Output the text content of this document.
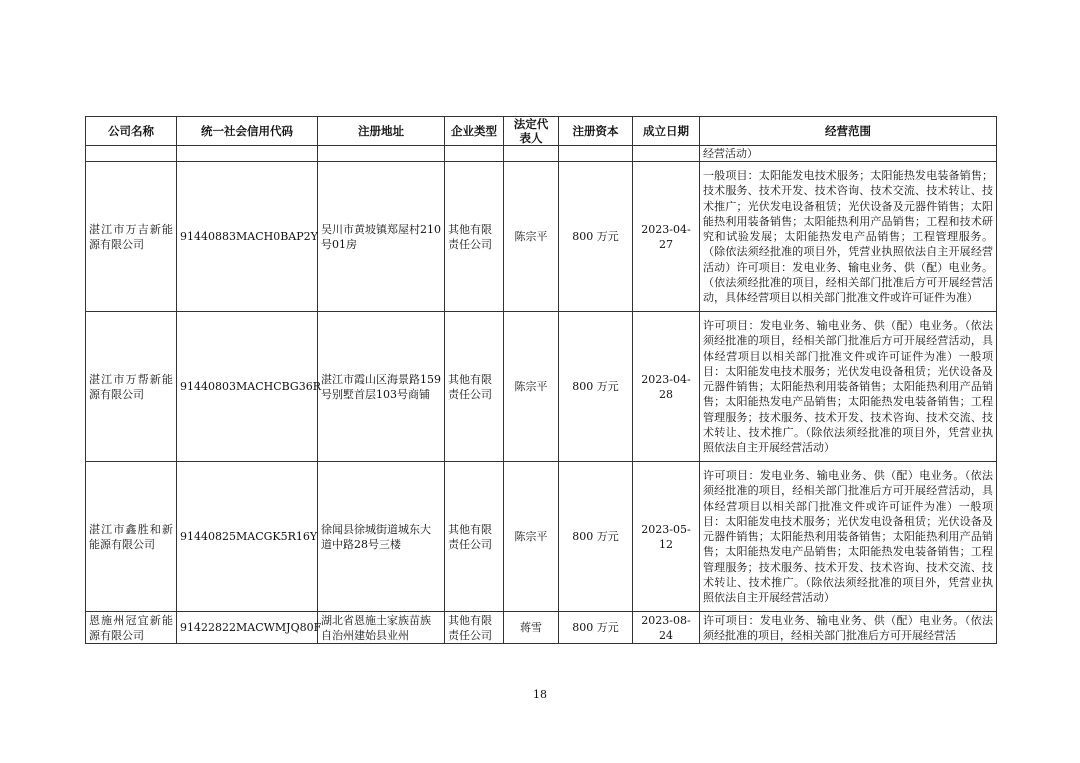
公司名称	统一社会信用代码	注册地址	企业类型	法定代表人	注册资本	成立日期	经营范围
							经营活动）
湛江市万吉新能源有限公司	91440883MACH0BAP2Y	吴川市黄坡镇郑屋村210号01房	其他有限责任公司	陈宗平	800 万元	2023-04-27	一般项目：太阳能发电技术服务；太阳能热发电装备销售；技术服务、技术开发、技术咨询、技术交流、技术转让、技术推广；光伏发电设备租赁；光伏设备及元器件销售；太阳能热利用装备销售；太阳能热利用产品销售；工程和技术研究和试验发展；太阳能热发电产品销售；工程管理服务。（除依法须经批准的项目外，凭营业执照依法自主开展经营活动）许可项目：发电业务、输电业务、供（配）电业务。（依法须经批准的项目，经相关部门批准后方可开展经营活动，具体经营项目以相关部门批准文件或许可证件为准）
湛江市万帮新能源有限公司	91440803MACHCBG36R	湛江市霞山区海景路159号别墅首层103号商铺	其他有限责任公司	陈宗平	800 万元	2023-04-28	许可项目：发电业务、输电业务、供（配）电业务。（依法须经批准的项目，经相关部门批准后方可开展经营活动，具体经营项目以相关部门批准文件或许可证件为准）一般项目：太阳能发电技术服务；光伏发电设备租赁；光伏设备及元器件销售；太阳能热利用装备销售；太阳能热利用产品销售；太阳能热发电产品销售；太阳能热发电装备销售；工程管理服务；技术服务、技术开发、技术咨询、技术交流、技术转让、技术推广。（除依法须经批准的项目外，凭营业执照依法自主开展经营活动）
湛江市鑫胜和新能源有限公司	91440825MACGK5R16Y	徐闻县徐城街道城东大道中路28号三楼	其他有限责任公司	陈宗平	800 万元	2023-05-12	许可项目：发电业务、输电业务、供（配）电业务。（依法须经批准的项目，经相关部门批准后方可开展经营活动，具体经营项目以相关部门批准文件或许可证件为准）一般项目：太阳能发电技术服务；光伏发电设备租赁；光伏设备及元器件销售；太阳能热利用装备销售；太阳能热利用产品销售；太阳能热发电产品销售；太阳能热发电装备销售；工程管理服务；技术服务、技术开发、技术咨询、技术交流、技术转让、技术推广。（除依法须经批准的项目外，凭营业执照依法自主开展经营活动）
恩施州冠宜新能源有限公司	91422822MACWMJQ80F	湖北省恩施土家族苗族自治州建始县业州	其他有限责任公司	蒋雪	800 万元	2023-08-24	许可项目：发电业务、输电业务、供（配）电业务。（依法须经批准的项目，经相关部门批准后方可开展经营活
18
